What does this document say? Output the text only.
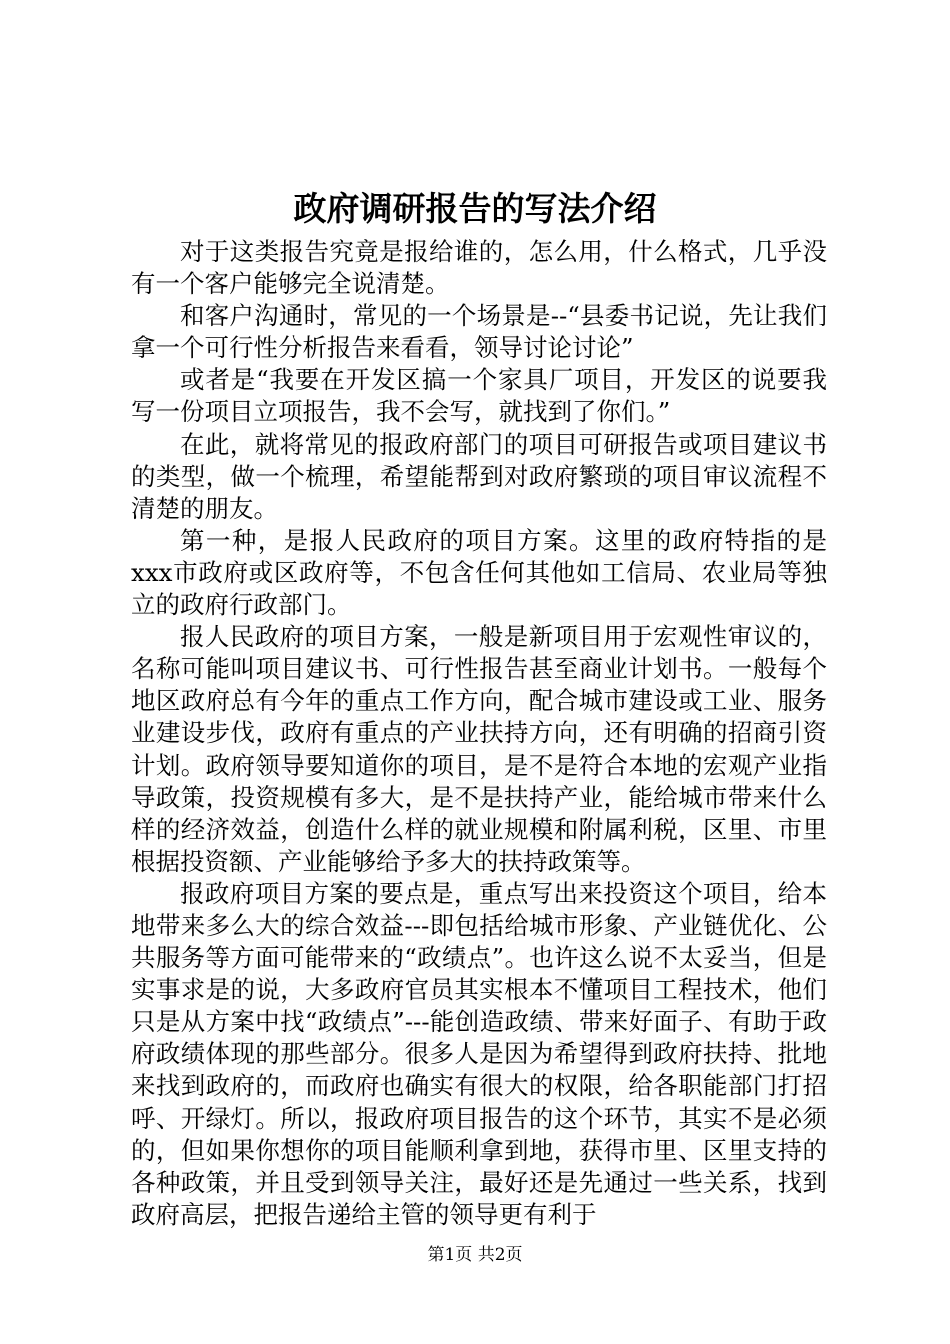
政府调研报告的写法介绍

对于这类报告究竟是报给谁的，怎么用，什么格式，几乎没有一个客户能够完全说清楚。

和客户沟通时，常见的一个场景是--“县委书记说，先让我们拿一个可行性分析报告来看看，领导讨论讨论”

或者是“我要在开发区搞一个家具厂项目，开发区的说要我写一份项目立项报告，我不会写，就找到了你们。”

在此，就将常见的报政府部门的项目可研报告或项目建议书的类型，做一个梳理，希望能帮到对政府繁琐的项目审议流程不清楚的朋友。

第一种，是报人民政府的项目方案。这里的政府特指的是xxx市政府或区政府等，不包含任何其他如工信局、农业局等独立的政府行政部门。

报人民政府的项目方案，一般是新项目用于宏观性审议的，名称可能叫项目建议书、可行性报告甚至商业计划书。一般每个地区政府总有今年的重点工作方向，配合城市建设或工业、服务业建设步伐，政府有重点的产业扶持方向，还有明确的招商引资计划。政府领导要知道你的项目，是不是符合本地的宏观产业指导政策，投资规模有多大，是不是扶持产业，能给城市带来什么样的经济效益，创造什么样的就业规模和附属利税，区里、市里根据投资额、产业能够给予多大的扶持政策等。

报政府项目方案的要点是，重点写出来投资这个项目，给本地带来多么大的综合效益---即包括给城市形象、产业链优化、公共服务等方面可能带来的“政绩点”。也许这么说不太妥当，但是实事求是的说，大多政府官员其实根本不懂项目工程技术，他们只是从方案中找“政绩点”---能创造政绩、带来好面子、有助于政府政绩体现的那些部分。很多人是因为希望得到政府扶持、批地来找到政府的，而政府也确实有很大的权限，给各职能部门打招呼、开绿灯。所以，报政府项目报告的这个环节，其实不是必须的，但如果你想你的项目能顺利拿到地，获得市里、区里支持的各种政策，并且受到领导关注，最好还是先通过一些关系，找到政府高层，把报告递给主管的领导更有利于

第1页 共2页
